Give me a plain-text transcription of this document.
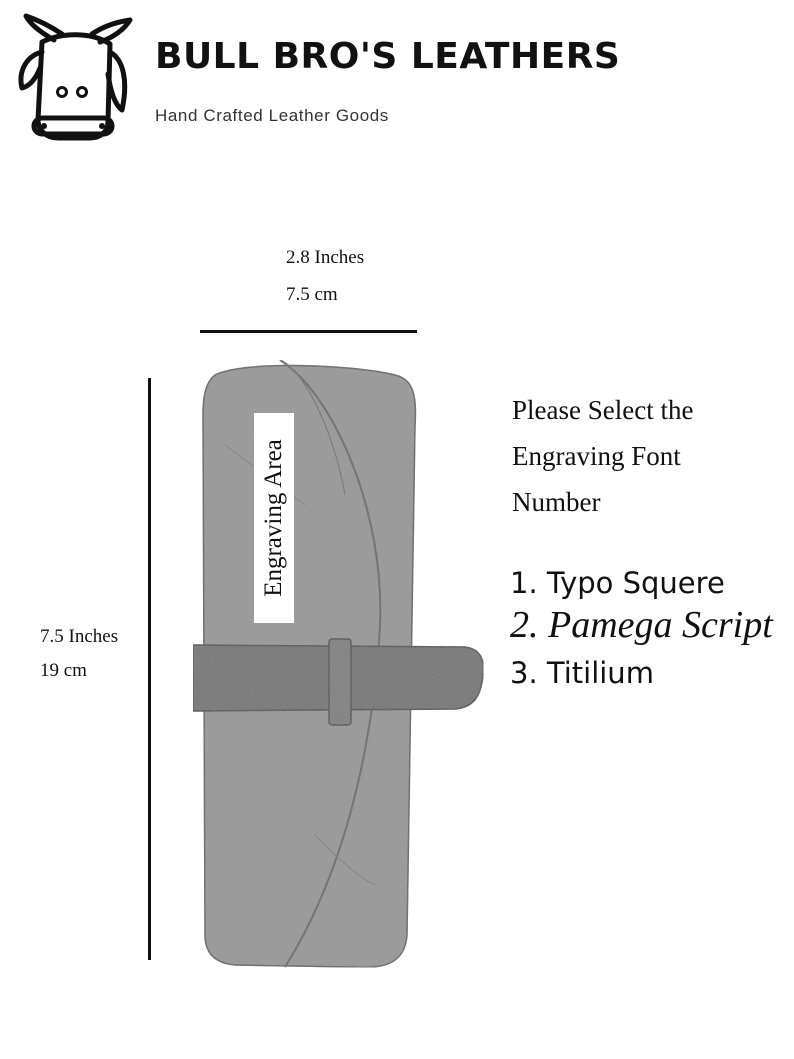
BULL BRO'S LEATHERS
Hand Crafted Leather Goods
2.8 Inches
7.5 cm
7.5 Inches
19 cm
Engraving Area
Please Select the
Engraving Font
Number
1. Typo Squere
2. Pamega Script
3. Titilium
